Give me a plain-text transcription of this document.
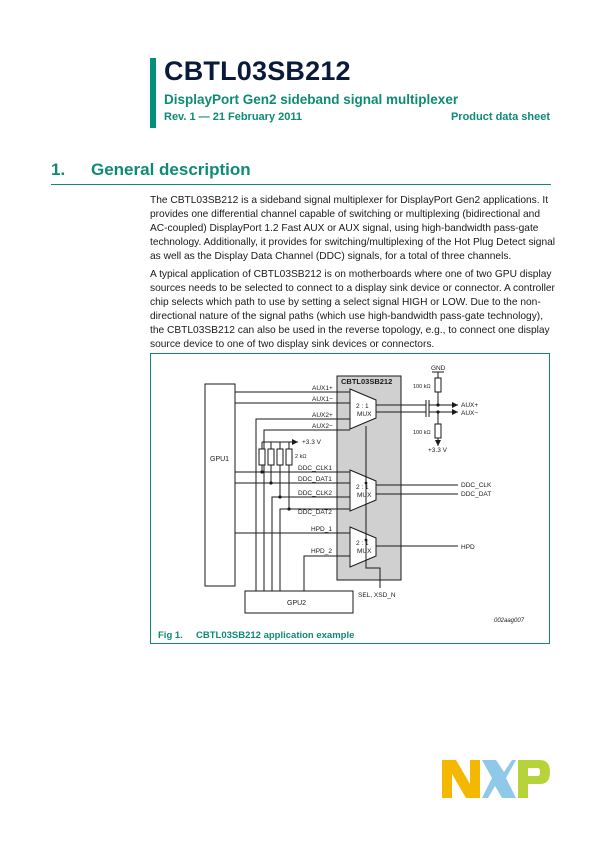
CBTL03SB212
DisplayPort Gen2 sideband signal multiplexer
Rev. 1 — 21 February 2011	Product data sheet
1. General description
The CBTL03SB212 is a sideband signal multiplexer for DisplayPort Gen2 applications. It provides one differential channel capable of switching or multiplexing (bidirectional and AC-coupled) DisplayPort 1.2 Fast AUX or AUX signal, using high-bandwidth pass-gate technology. Additionally, it provides for switching/multiplexing of the Hot Plug Detect signal as well as the Display Data Channel (DDC) signals, for a total of three channels.
A typical application of CBTL03SB212 is on motherboards where one of two GPU display sources needs to be selected to connect to a display sink device or connector. A controller chip selects which path to use by setting a select signal HIGH or LOW. Due to the non-directional nature of the signal paths (which use high-bandwidth pass-gate technology), the CBTL03SB212 can also be used in the reverse topology, e.g., to connect one display source device to one of two display sink devices or connectors.
CBTL03SB212
GPU1
GPU2
2 : 1
MUX
2 : 1
MUX
2 : 1
MUX
AUX1+
AUX1−
AUX2+
AUX2−
DDC_CLK1
DDC_DAT1
DDC_CLK2
DDC_DAT2
HPD_1
HPD_2
SEL, XSD_N
AUX+
AUX−
DDC_CLK
DDC_DAT
HPD
GND
100 kΩ
100 kΩ
+3.3 V
+3.3 V
2 kΩ
002aag007
Fig 1. CBTL03SB212 application example
